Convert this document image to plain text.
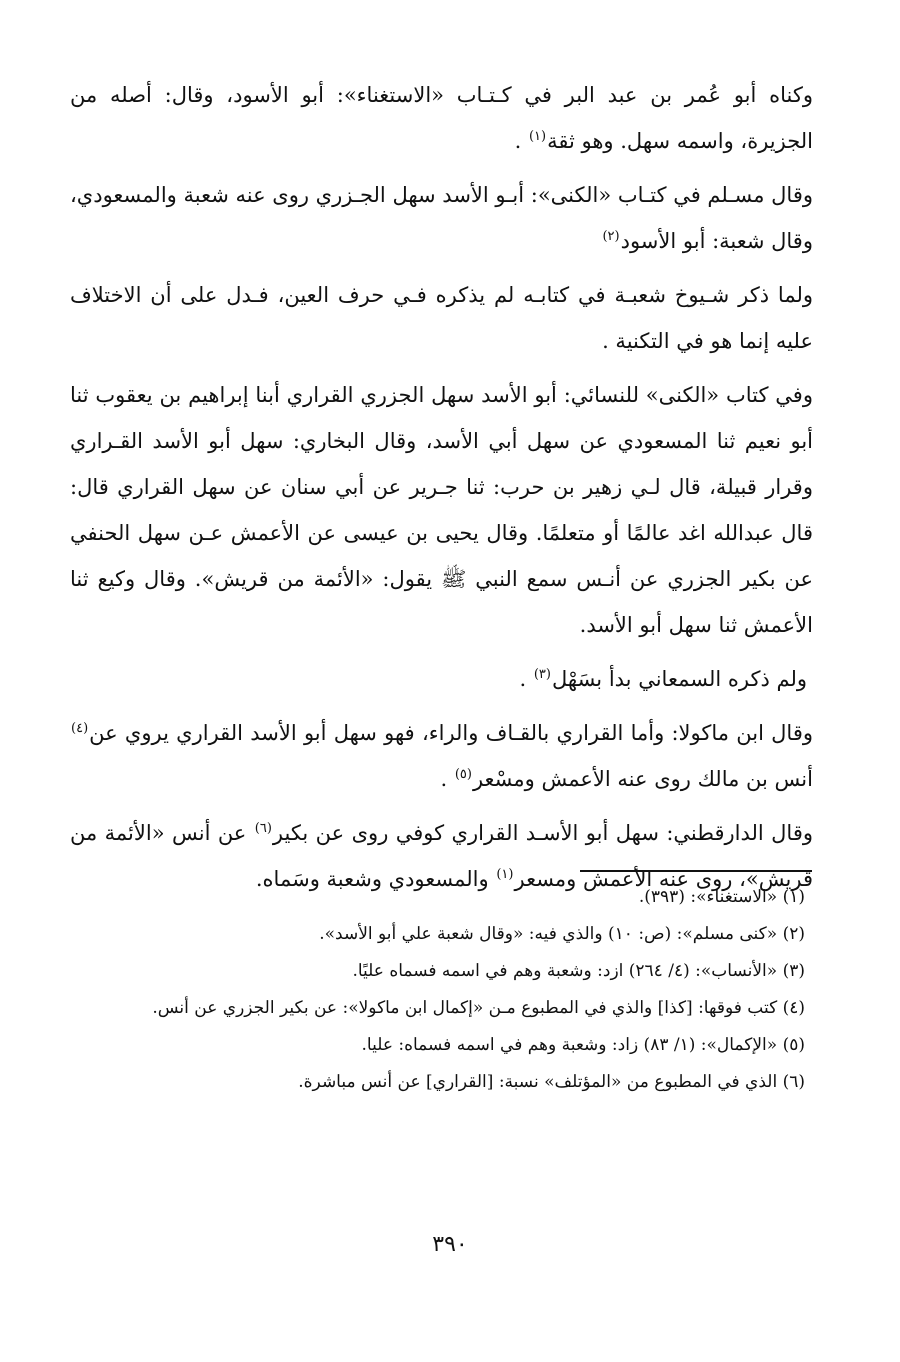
وكناه أبو عُمر بن عبد البر في كـتـاب «الاستغناء»: أبو الأسود، وقال: أصله من الجزيرة، واسمه سهل. وهو ثقة$^{(١)}$ .

وقال مسـلم في كتـاب «الكنى»: أبـو الأسد سهل الجـزري روى عنه شعبة والمسعودي، وقال شعبة: أبو الأسود$^{(٢)}$

ولما ذكر شـيوخ شعبـة في كتابـه لم يذكره فـي حرف العين، فـدل على أن الاختلاف عليه إنما هو في التكنية .

وفي كتاب «الكنى» للنسائي: أبو الأسد سهل الجزري القراري أبنا إبراهيم بن يعقوب ثنا أبو نعيم ثنا المسعودي عن سهل أبي الأسد، وقال البخاري: سهل أبو الأسد القـراري وقرار قبيلة، قال لـي زهير بن حرب: ثنا جـرير عن أبي سنان عن سهل القراري قال: قال عبدالله اغد عالمًا أو متعلمًا. وقال يحيى بن عيسى عن الأعمش عـن سهل الحنفي عن بكير الجزري عن أنـس سمع النبي ﷺ يقول: «الأئمة من قريش». وقال وكيع ثنا الأعمش ثنا سهل أبو الأسد.

ولم ذكره السمعاني بدأ بسَهْل$^{(٣)}$ .

وقال ابن ماكولا: وأما القراري بالقـاف والراء، فهو سهل أبو الأسد القراري يروي عن$^{(٤)}$ أنس بن مالك روى عنه الأعمش ومسْعر$^{(٥)}$ .

وقال الدارقطني: سهل أبو الأسـد القراري كوفي روى عن بكير$^{(٦)}$ عن أنس «الأئمة من قريش»، روى عنه الأعمش ومسعر$^{(١)}$ والمسعودي وشعبة وسَماه.

(١) «الاستغناء»: (٣٩٣).
(٢) «كنى مسلم»: (ص: ١٠) والذي فيه: «وقال شعبة علي أبو الأسد».
(٣) «الأنساب»: (٤/ ٢٦٤) ازد: وشعبة وهم في اسمه فسماه عليًا.
(٤) كتب فوقها: [كذا] والذي في المطبوع مـن «إكمال ابن ماكولا»: عن بكير الجزري عن أنس.
(٥) «الإكمال»: (١/ ٨٣) زاد: وشعبة وهم في اسمه فسماه: عليا.
(٦) الذي في المطبوع من «المؤتلف» نسبة: [القراري] عن أنس مباشرة.
٣٩٠
